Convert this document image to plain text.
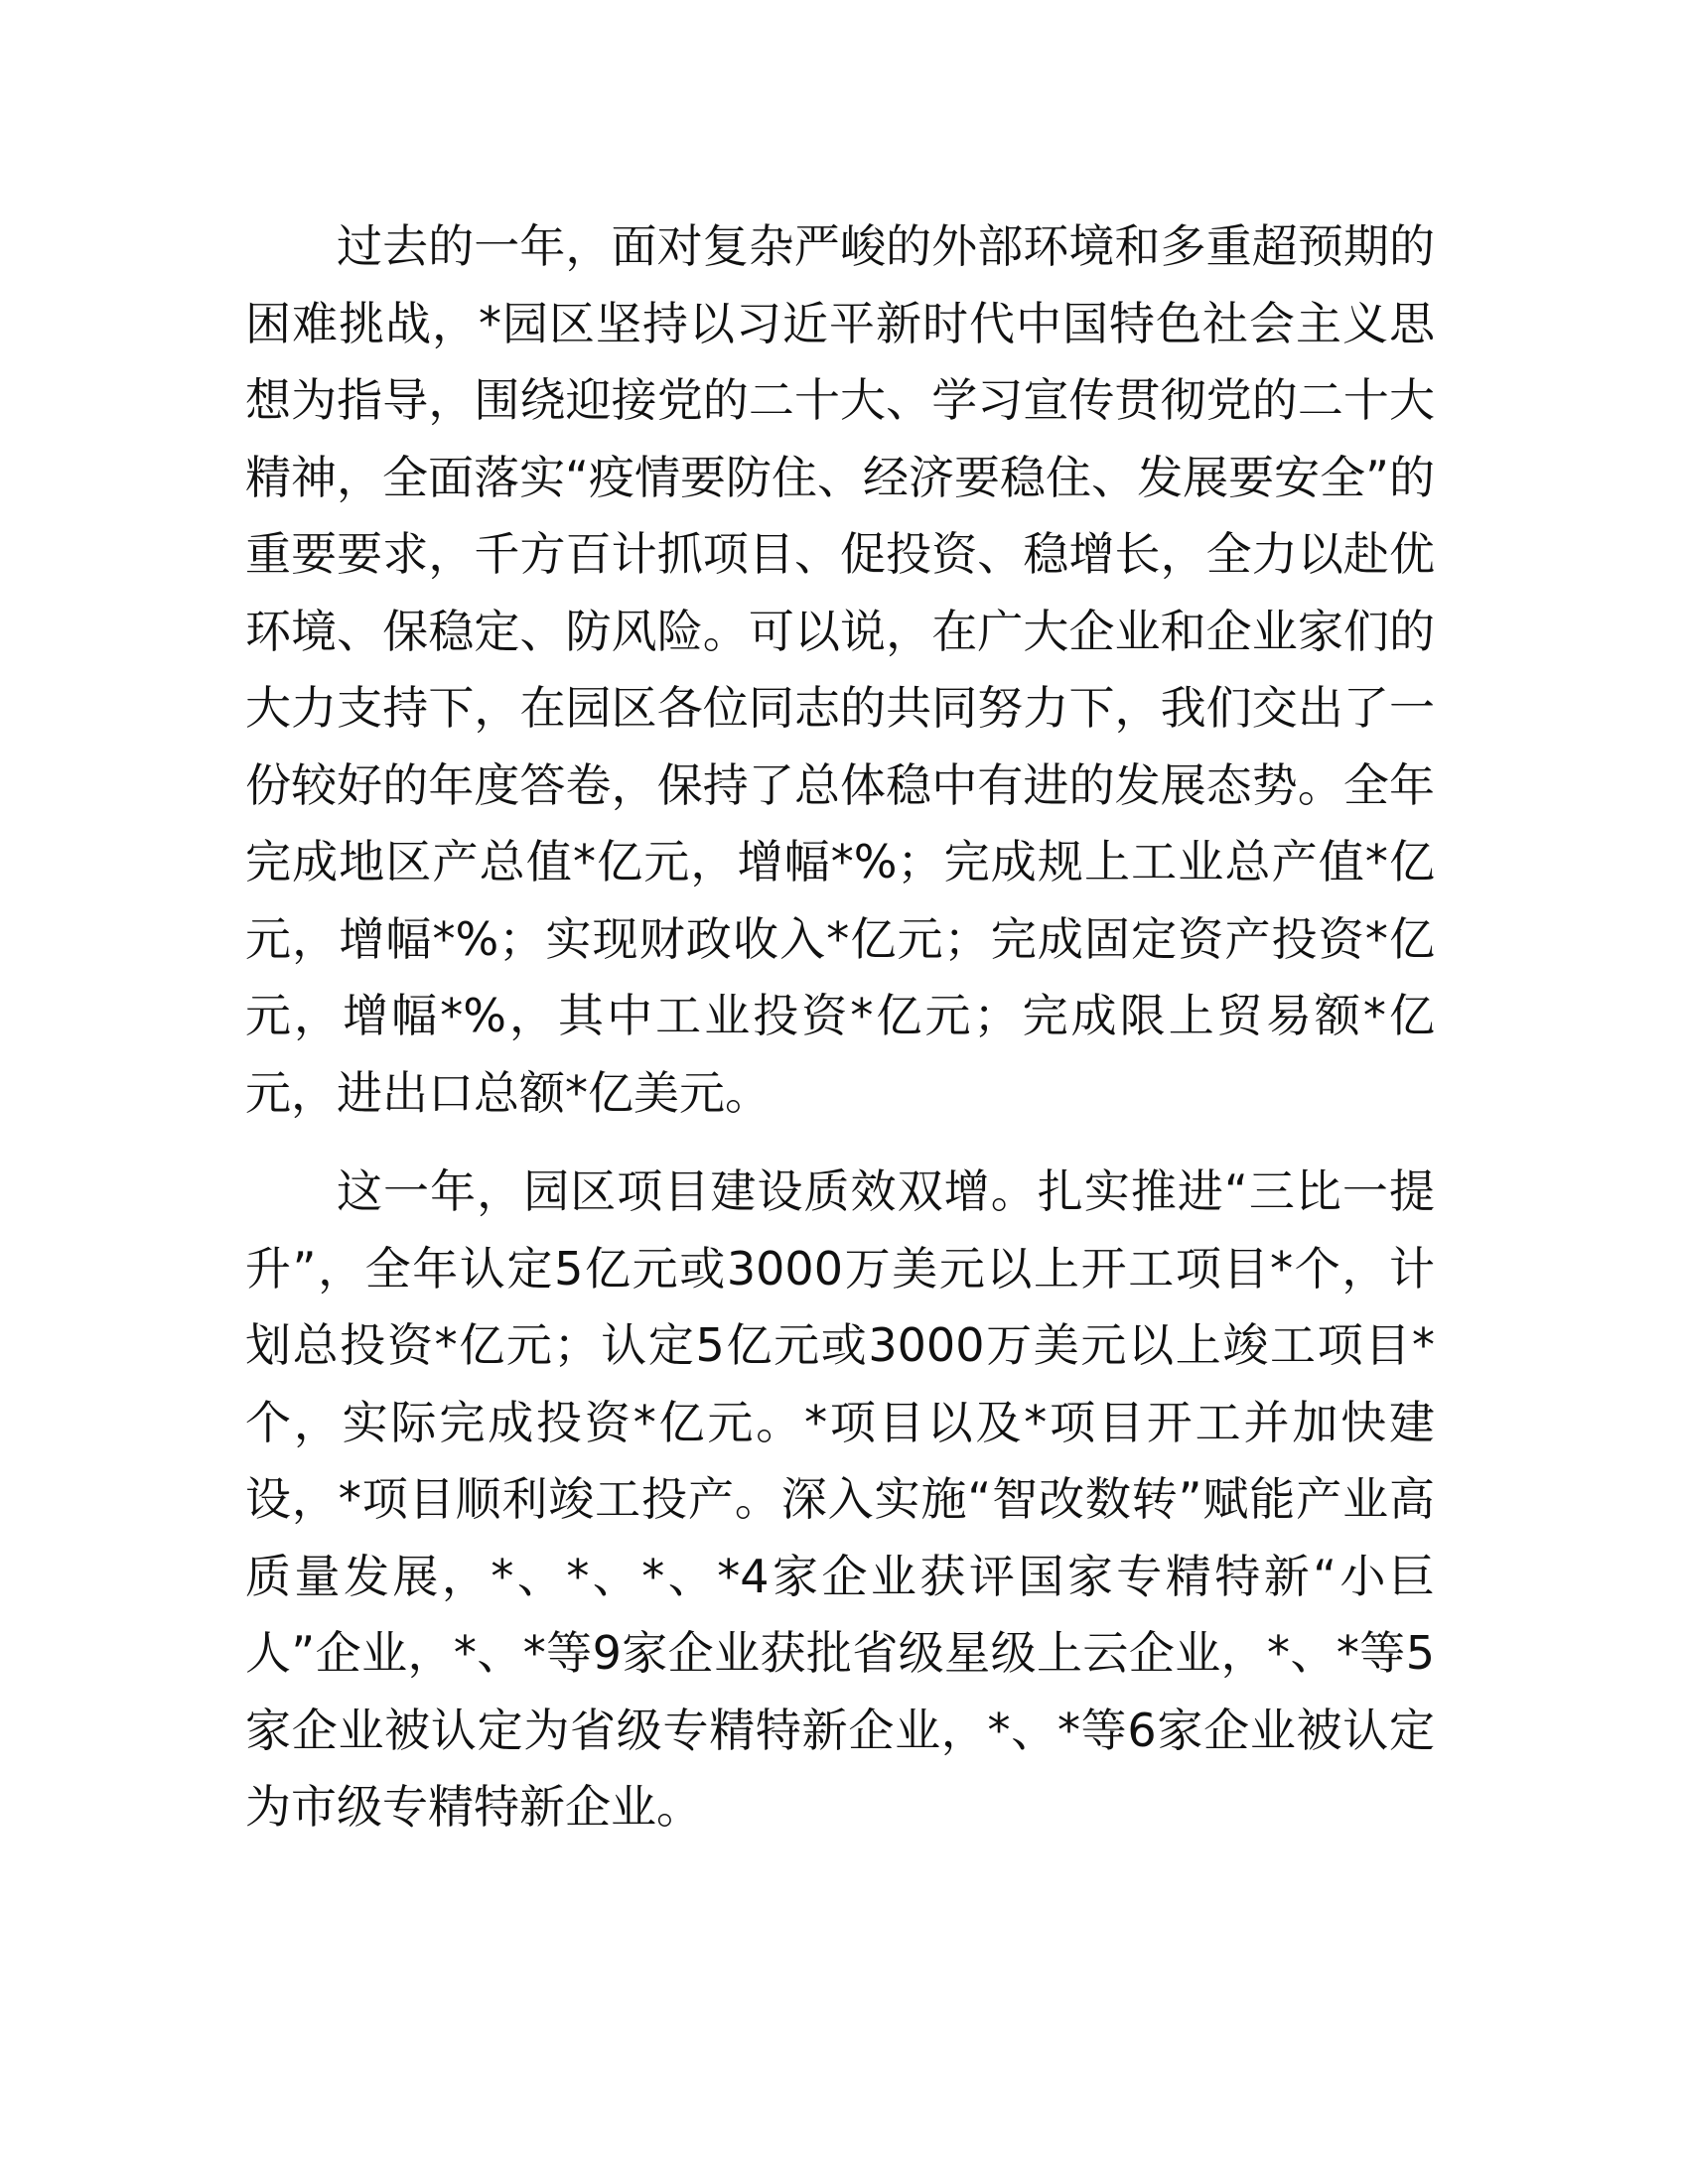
过去的一年，面对复杂严峻的外部环境和多重超预期的困难挑战，*园区坚持以习近平新时代中国特色社会主义思想为指导，围绕迎接党的二十大、学习宣传贯彻党的二十大精神，全面落实“疫情要防住、经济要稳住、发展要安全”的重要要求，千方百计抓项目、促投资、稳增长，全力以赴优环境、保稳定、防风险。可以说，在广大企业和企业家们的大力支持下，在园区各位同志的共同努力下，我们交出了一份较好的年度答卷，保持了总体稳中有进的发展态势。全年完成地区产总值*亿元，增幅*%；完成规上工业总产值*亿元，增幅*%；实现财政收入*亿元；完成固定资产投资*亿元，增幅*%，其中工业投资*亿元；完成限上贸易额*亿元，进出口总额*亿美元。

这一年，园区项目建设质效双增。扎实推进“三比一提升”，全年认定5亿元或3000万美元以上开工项目*个，计划总投资*亿元；认定5亿元或3000万美元以上竣工项目*个，实际完成投资*亿元。*项目以及*项目开工并加快建设，*项目顺利竣工投产。深入实施“智改数转”赋能产业高质量发展，*、*、*、*4家企业获评国家专精特新“小巨人”企业，*、*等9家企业获批省级星级上云企业，*、*等5家企业被认定为省级专精特新企业，*、*等6家企业被认定为市级专精特新企业。
